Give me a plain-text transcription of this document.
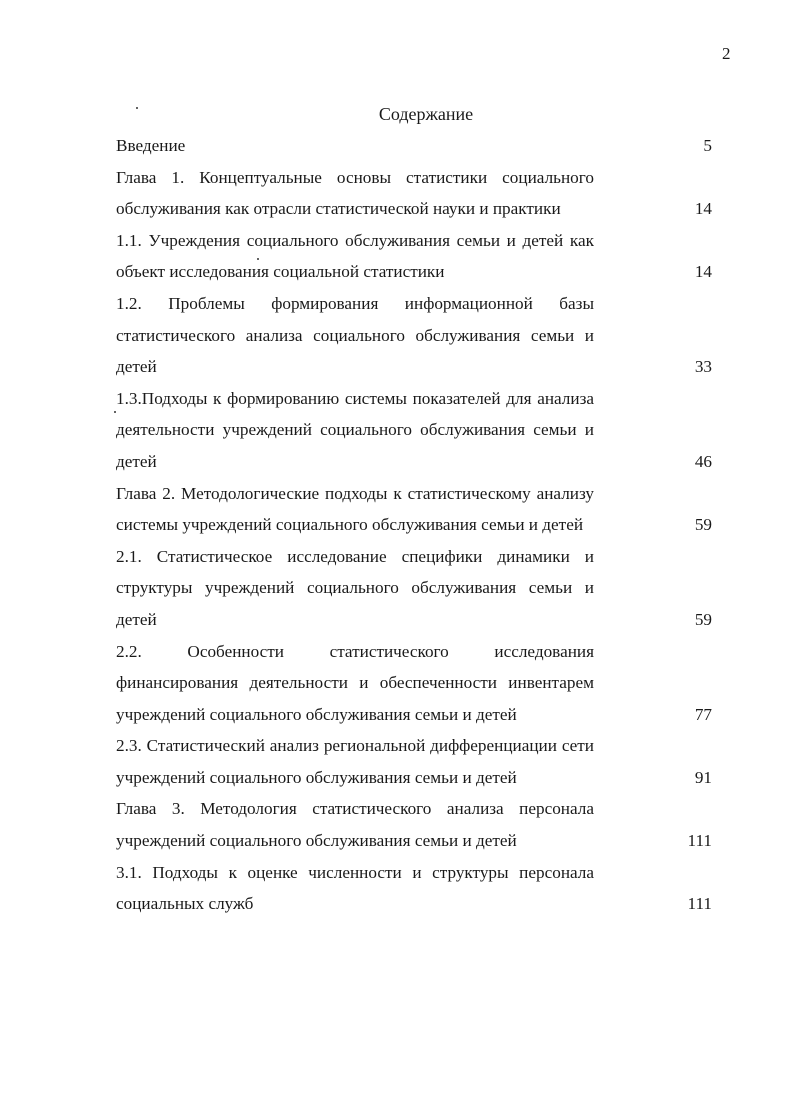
2
Содержание
Введение	5
Глава 1. Концептуальные основы статистики социального обслуживания как отрасли статистической науки и практики	14
1.1. Учреждения социального обслуживания семьи и детей как объект исследования социальной статистики	14
1.2. Проблемы формирования информационной базы статистического анализа социального обслуживания семьи и детей	33
1.3.Подходы к формированию системы показателей для анализа деятельности учреждений социального обслуживания семьи и детей	46
Глава 2. Методологические подходы к статистическому анализу системы учреждений социального обслуживания семьи и детей	59
2.1. Статистическое исследование специфики динамики и структуры учреждений социального обслуживания семьи и детей	59
2.2. Особенности статистического исследования финансирования деятельности и обеспеченности инвентарем учреждений социального обслуживания семьи и детей	77
2.3. Статистический анализ региональной дифференциации сети учреждений социального обслуживания семьи и детей	91
Глава 3. Методология статистического анализа персонала учреждений социального обслуживания семьи и детей	111
3.1. Подходы к оценке численности и структуры персонала социальных служб	111
